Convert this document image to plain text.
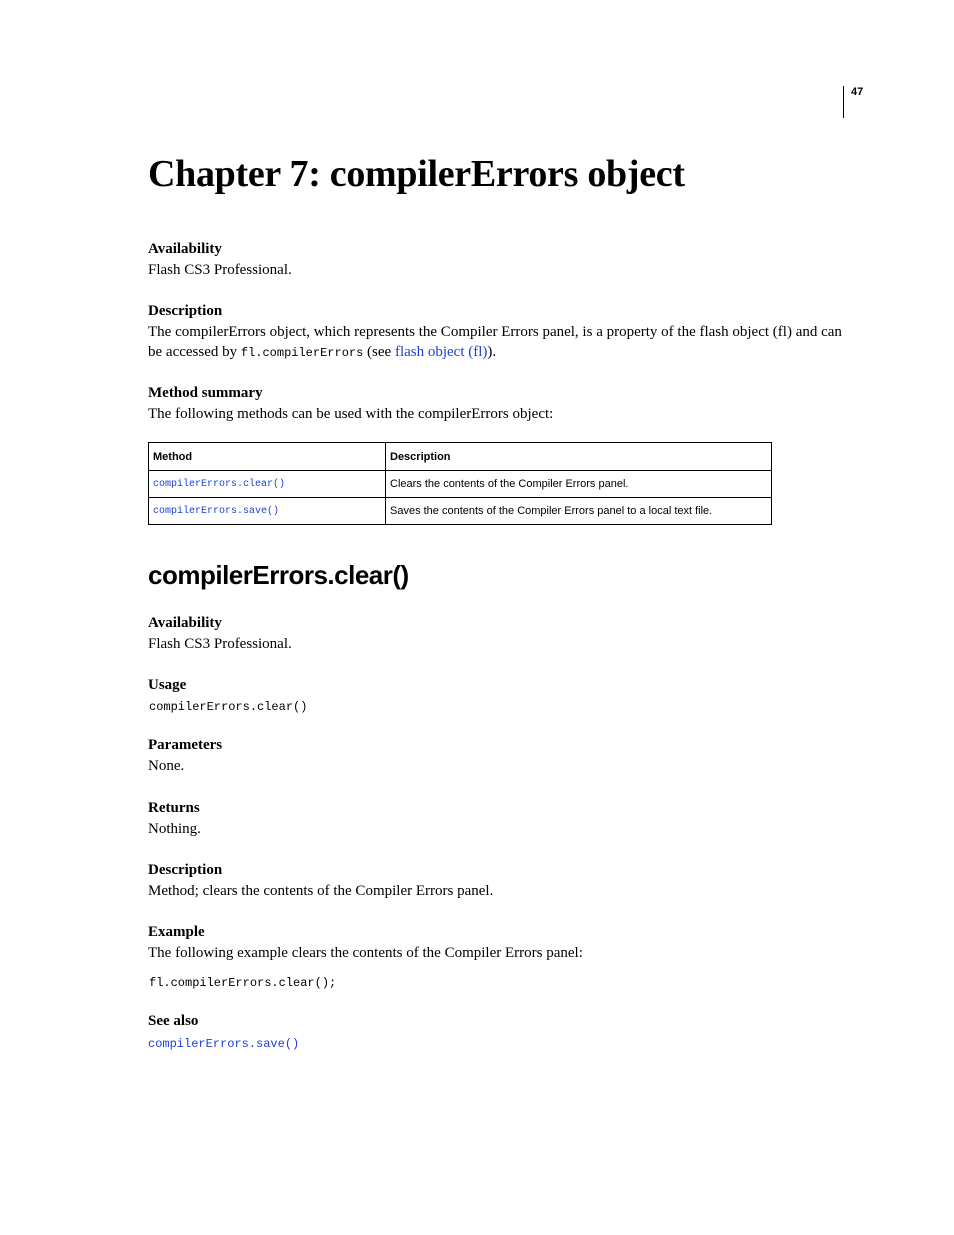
47
Chapter 7: compilerErrors object
Availability
Flash CS3 Professional.
Description
The compilerErrors object, which represents the Compiler Errors panel, is a property of the flash object (fl) and can
be accessed by fl.compilerErrors (see flash object (fl)).
Method summary
The following methods can be used with the compilerErrors object:
Method	Description
compilerErrors.clear()	Clears the contents of the Compiler Errors panel.
compilerErrors.save()	Saves the contents of the Compiler Errors panel to a local text file.
compilerErrors.clear()
Availability
Flash CS3 Professional.
Usage
compilerErrors.clear()
Parameters
None.
Returns
Nothing.
Description
Method; clears the contents of the Compiler Errors panel.
Example
The following example clears the contents of the Compiler Errors panel:
fl.compilerErrors.clear();
See also
compilerErrors.save()
